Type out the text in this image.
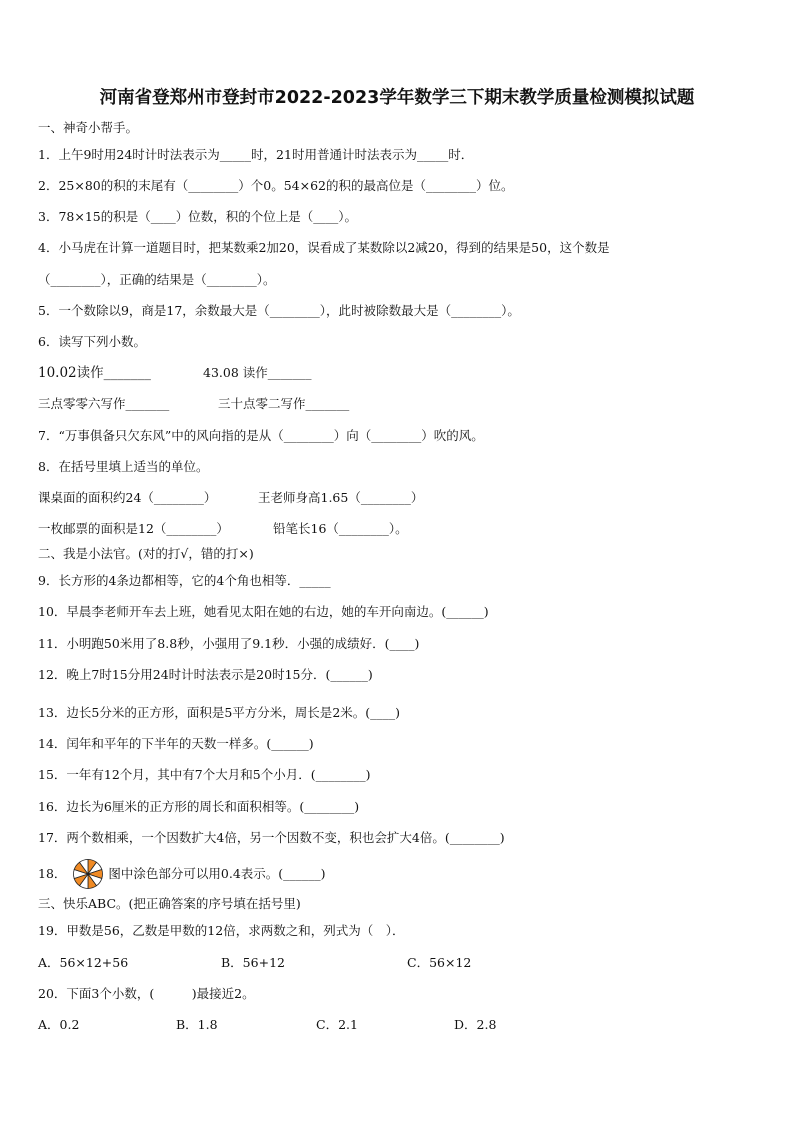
河南省登郑州市登封市2022-2023学年数学三下期末教学质量检测模拟试题
一、神奇小帮手。
1．上午9时用24时计时法表示为_____时，21时用普通计时法表示为_____时．
2．25×80的积的末尾有（________）个0。54×62的积的最高位是（________）位。
3．78×15的积是（____）位数，积的个位上是（____）。
4．小马虎在计算一道题目时，把某数乘2加20，误看成了某数除以2减20，得到的结果是50，这个数是
（________），正确的结果是（________）。
5．一个数除以9，商是17，余数最大是（________），此时被除数最大是（________）。
6．读写下列小数。
10.02读作_______	43.08 读作_______
三点零零六写作_______	三十点零二写作_______
7．“万事俱备只欠东风”中的风向指的是从（________）向（________）吹的风。
8．在括号里填上适当的单位。
课桌面的面积约24（________）	王老师身高1.65（________）
一枚邮票的面积是12（________）	铅笔长16（________）。
二、我是小法官。(对的打√，错的打×)
9．长方形的4条边都相等，它的4个角也相等．_____
10．早晨李老师开车去上班，她看见太阳在她的右边，她的车开向南边。(______)
11．小明跑50米用了8.8秒，小强用了9.1秒．小强的成绩好．(____)
12．晚上7时15分用24时计时法表示是20时15分．(______)
13．边长5分米的正方形，面积是5平方分米，周长是2米。(____)
14．闰年和平年的下半年的天数一样多。(______)
15．一年有12个月，其中有7个大月和5个小月．(________)
16．边长为6厘米的正方形的周长和面积相等。(________)
17．两个数相乘，一个因数扩大4倍，另一个因数不变，积也会扩大4倍。(________)
18．	图中涂色部分可以用0.4表示。(______)
三、快乐ABC。(把正确答案的序号填在括号里)
19．甲数是56，乙数是甲数的12倍，求两数之和，列式为（　）．
A．56×12+56	B．56+12	C．56×12
20．下面3个小数，(　　　)最接近2。
A．0.2	B．1.8	C．2.1	D．2.8
